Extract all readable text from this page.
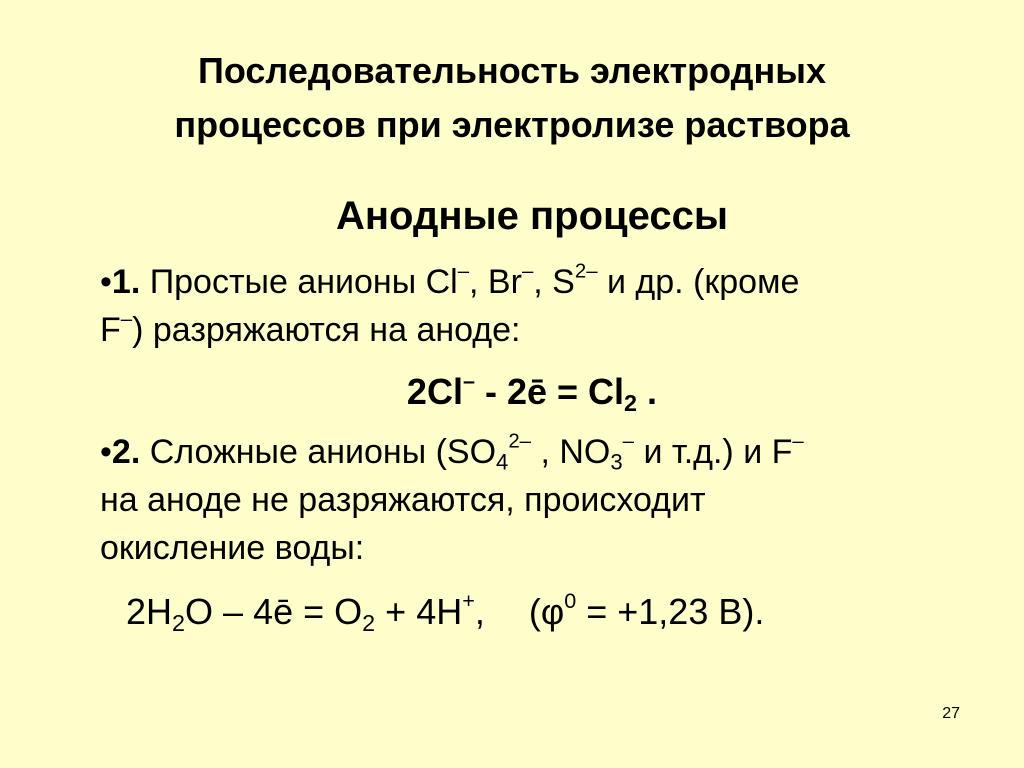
Последовательность электродных
процессов при электролизе раствора
Анодные процессы
•1. Простые анионы Cl–, Br–, $S^{2-}$ и др. (кроме
F–) разряжаются на аноде:
2Cl– - 2ē = $Cl_2$ .
•2. Сложные анионы ($SO_4^{2-}$ , $NO_3^-$ и т.д.) и F–
на аноде не разряжаются, происходит
окисление воды:
$2H_2O$ – 4ē = $O_2 + 4H^+$, ($\varphi^0 = +1,23$ В).
27
